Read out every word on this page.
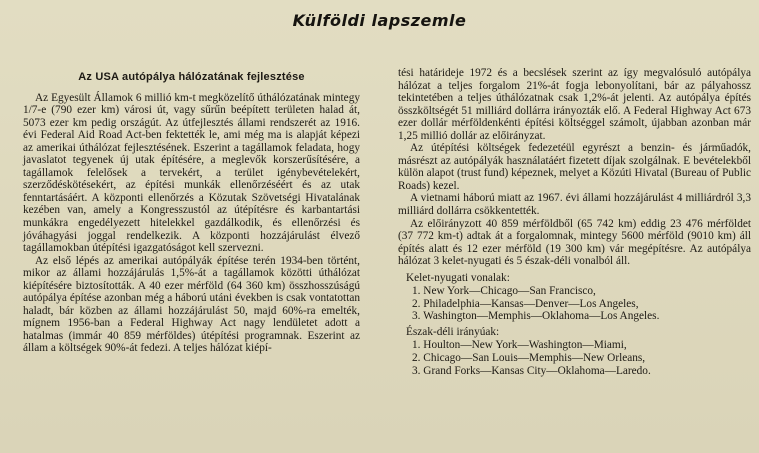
Külföldi lapszemle
Az USA autópálya hálózatának fejlesztése

Az Egyesült Államok 6 millió km-t megközelítő úthálózatának mintegy 1/7-e (790 ezer km) városi út, vagy sűrűn beépített területen halad át, 5073 ezer km pedig országút. Az útfejlesztés állami rendszerét az 1916. évi Federal Aid Road Act-ben fektették le, ami még ma is alapját képezi az amerikai úthálózat fejlesztésének. Eszerint a tagállamok feladata, hogy javaslatot tegyenek új utak építésére, a meglevők korszerűsítésére, a tagállamok felelősek a tervekért, a terület igénybevételekért, szerződéskötésekért, az építési munkák ellenőrzéséért és az utak fenntartásáért. A központi ellenőrzés a Közutak Szövetségi Hivatalának kezében van, amely a Kongresszustól az útépítésre és karbantartási munkákra engedélyezett hitelekkel gazdálkodik, és ellenőrzési és jóváhagyási joggal rendelkezik. A központi hozzájárulást élvező tagállamokban útépítési igazgatóságot kell szervezni.

Az első lépés az amerikai autópályák építése terén 1934-ben történt, mikor az állami hozzájárulás 1,5%-át a tagállamok közötti úthálózat kiépítésére biztosították. A 40 ezer mérföld (64 360 km) összhosszúságú autópálya építése azonban még a háború utáni években is csak vontatottan haladt, bár közben az állami hozzájárulást 50, majd 60%-ra emelték, mígnem 1956-ban a Federal Highway Act nagy lendületet adott a hatalmas (immár 40 859 mérföldes) útépítési programnak. Eszerint az állam a költségek 90%-át fedezi. A teljes hálózat kiépí-

tési határideje 1972 és a becslések szerint az így megvalósuló autópálya hálózat a teljes forgalom 21%-át fogja lebonyolítani, bár az pályahossz tekintetében a teljes úthálózatnak csak 1,2%-át jelenti. Az autópálya építés összköltségét 51 milliárd dollárra irányozták elő. A Federal Highway Act 673 ezer dollár mérföldenkénti építési költséggel számolt, újabban azonban már 1,25 millió dollár az előirányzat.

Az útépítési költségek fedezetéül egyrészt a benzin- és járműadók, másrészt az autópályák használatáért fizetett díjak szolgálnak. E bevételekből külön alapot (trust fund) képeznek, melyet a Közúti Hivatal (Bureau of Public Roads) kezel.

A vietnami háború miatt az 1967. évi állami hozzájárulást 4 milliárdról 3,3 milliárd dollárra csökkentették.

Az előirányzott 40 859 mérföldből (65 742 km) eddig 23 476 mérföldet (37 772 km-t) adtak át a forgalomnak, mintegy 5600 mérföld (9010 km) áll építés alatt és 12 ezer mérföld (19 300 km) vár megépítésre. Az autópálya hálózat 3 kelet-nyugati és 5 észak-déli vonalból áll.

Kelet-nyugati vonalak:

1. New York—Chicago—San Francisco,
2. Philadelphia—Kansas—Denver—Los Angeles,
3. Washington—Memphis—Oklahoma—Los Angeles.

Észak-déli irányúak:

1. Houlton—New York—Washington—Miami,
2. Chicago—San Louis—Memphis—New Orleans,
3. Grand Forks—Kansas City—Oklahoma—Laredo.
